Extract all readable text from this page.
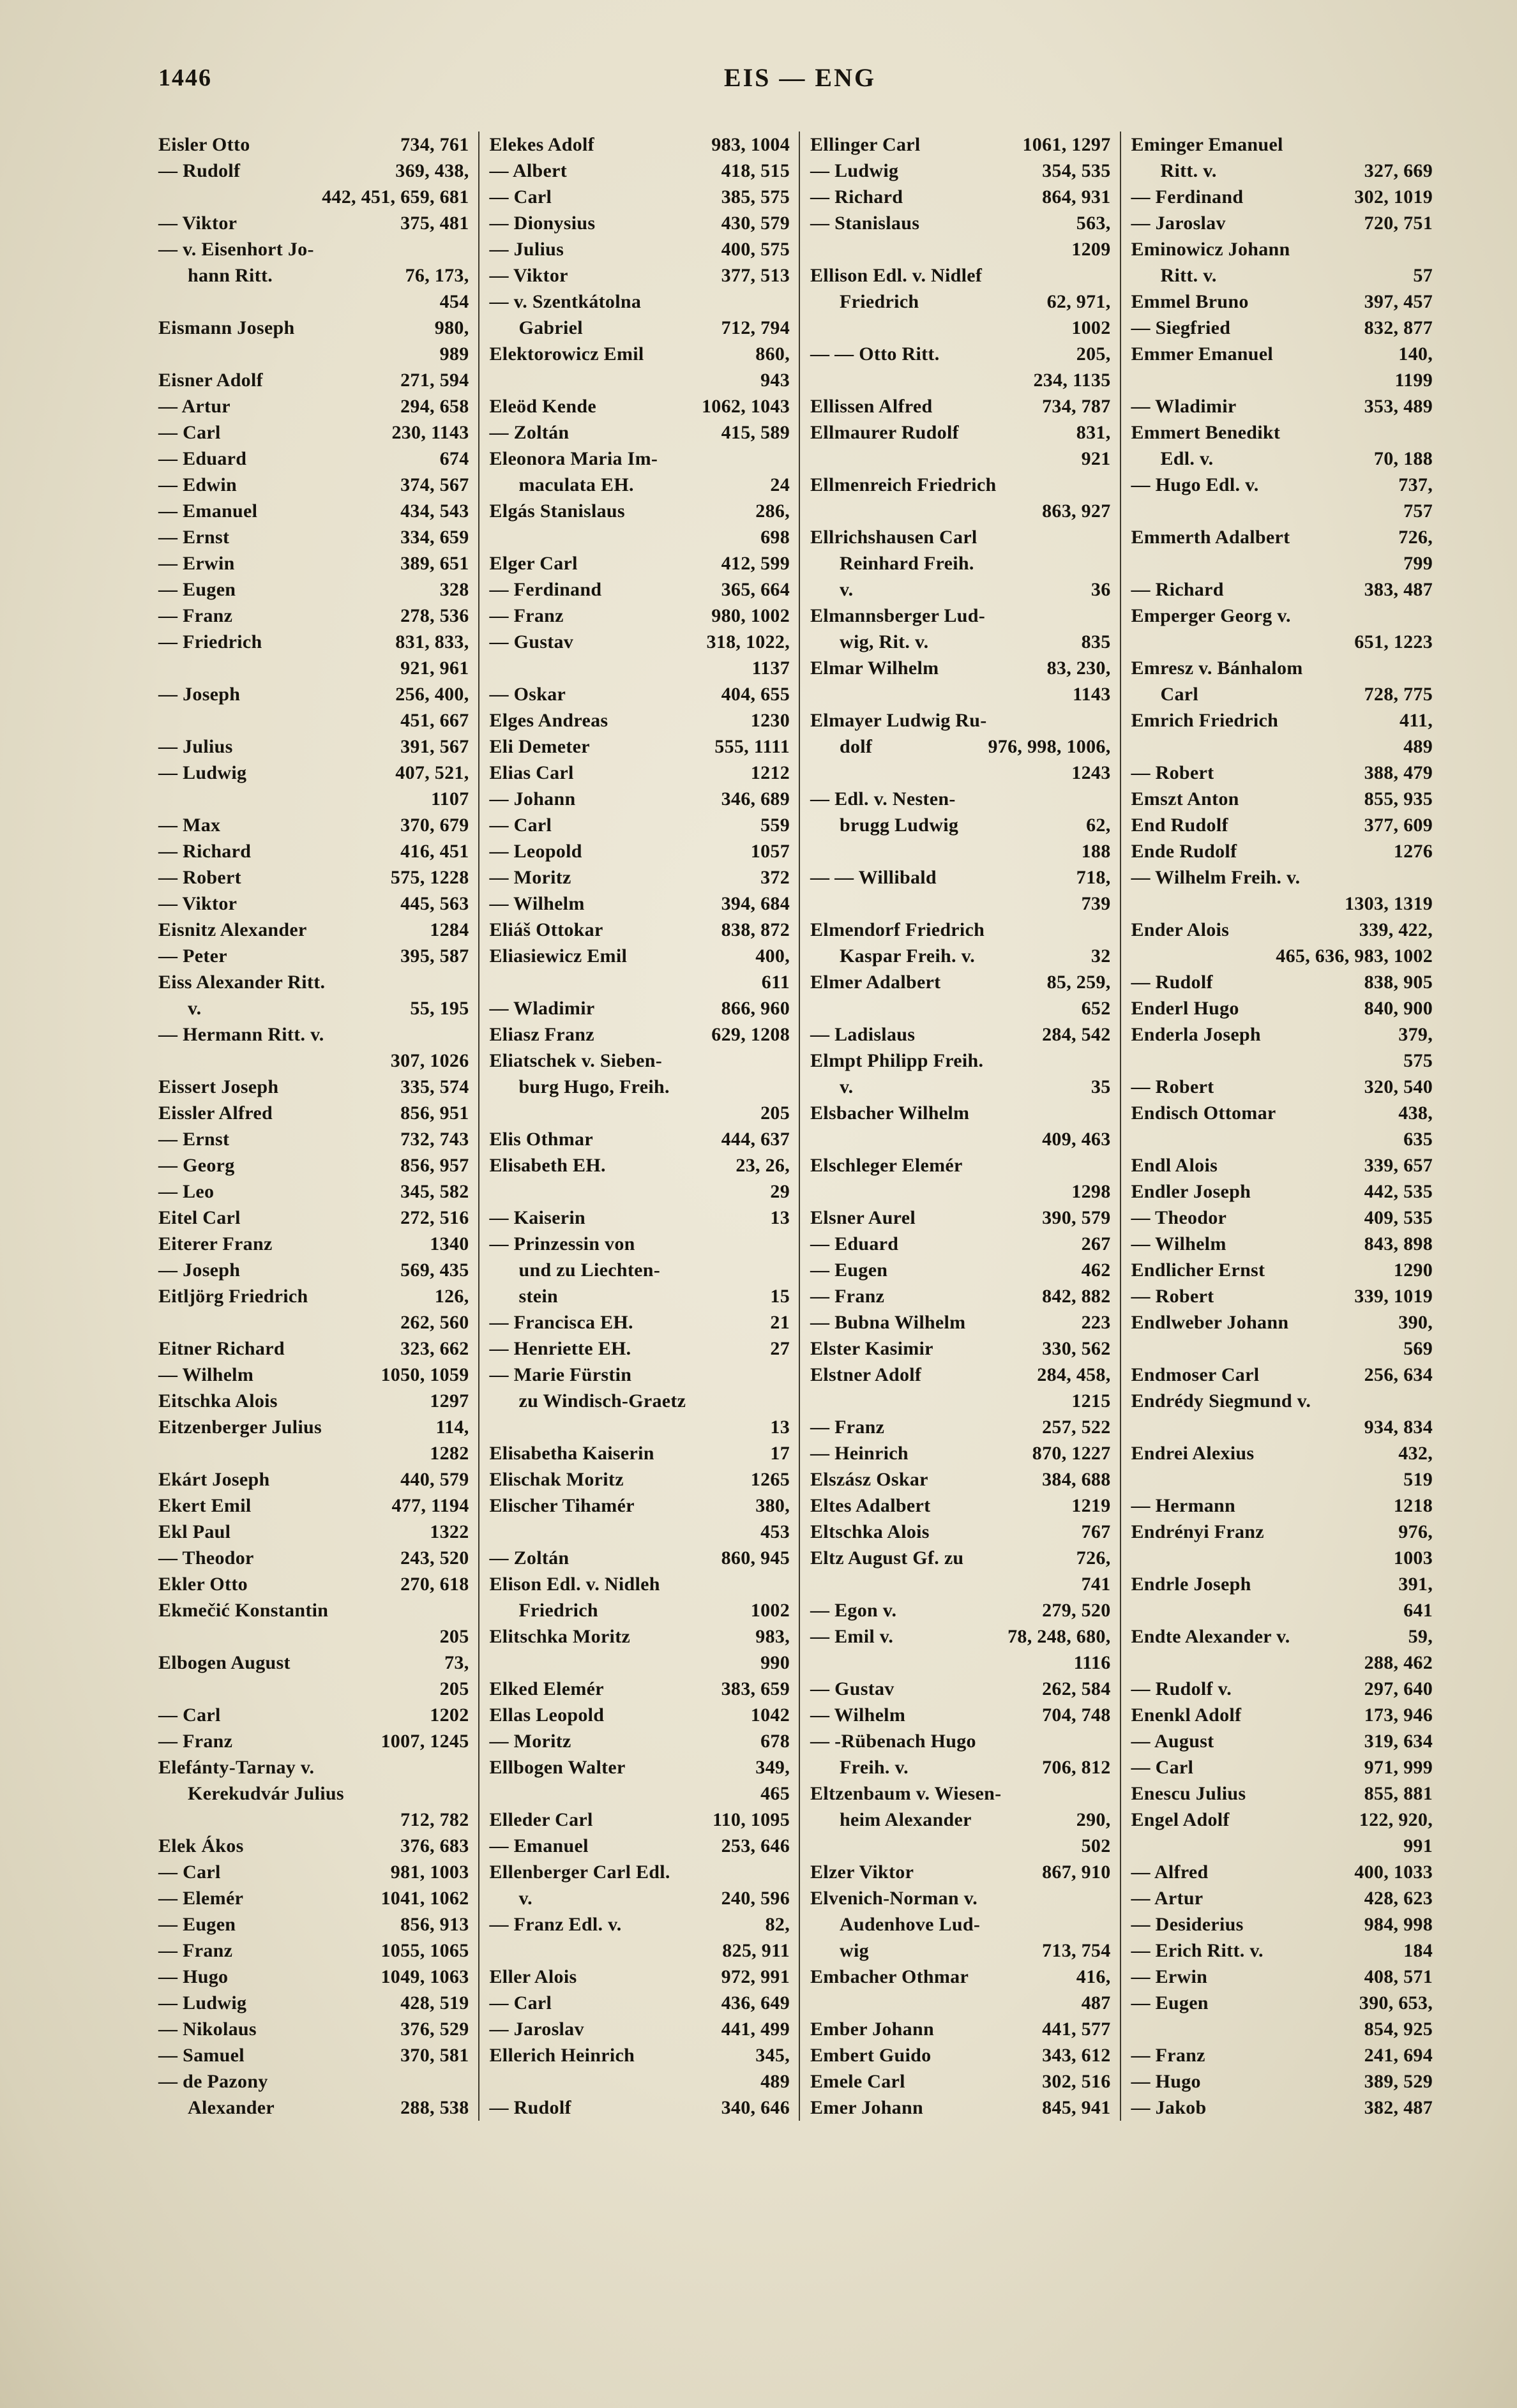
1446	EIS — ENG
Eisler Otto	734, 761
— Rudolf	369, 438,
442, 451, 659, 681
— Viktor	375, 481
— v. Eisenhort Jo-
hann Ritt.	76, 173,
454
Eismann Joseph	980,
989
Eisner Adolf	271, 594
— Artur	294, 658
— Carl	230, 1143
— Eduard	674
— Edwin	374, 567
— Emanuel	434, 543
— Ernst	334, 659
— Erwin	389, 651
— Eugen	328
— Franz	278, 536
— Friedrich	831, 833,
921, 961
— Joseph	256, 400,
451, 667
— Julius	391, 567
— Ludwig	407, 521,
1107
— Max	370, 679
— Richard	416, 451
— Robert	575, 1228
— Viktor	445, 563
Eisnitz Alexander	1284
— Peter	395, 587
Eiss Alexander Ritt.
v.	55, 195
— Hermann Ritt. v.
307, 1026
Eissert Joseph	335, 574
Eissler Alfred	856, 951
— Ernst	732, 743
— Georg	856, 957
— Leo	345, 582
Eitel Carl	272, 516
Eiterer Franz	1340
— Joseph	569, 435
Eitljörg Friedrich	126,
262, 560
Eitner Richard	323, 662
— Wilhelm	1050, 1059
Eitschka Alois	1297
Eitzenberger Julius	114,
1282
Ekárt Joseph	440, 579
Ekert Emil	477, 1194
Ekl Paul	1322
— Theodor	243, 520
Ekler Otto	270, 618
Ekmečić Konstantin
205
Elbogen August	73,
205
— Carl	1202
— Franz	1007, 1245
Elefánty-Tarnay v.
Kerekudvár Julius
712, 782
Elek Ákos	376, 683
— Carl	981, 1003
— Elemér	1041, 1062
— Eugen	856, 913
— Franz	1055, 1065
— Hugo	1049, 1063
— Ludwig	428, 519
— Nikolaus	376, 529
— Samuel	370, 581
— de Pazony
Alexander	288, 538
Elekes Adolf	983, 1004
— Albert	418, 515
— Carl	385, 575
— Dionysius	430, 579
— Julius	400, 575
— Viktor	377, 513
— v. Szentkátolna
Gabriel	712, 794
Elektorowicz Emil	860,
943
Eleöd Kende	1062, 1043
— Zoltán	415, 589
Eleonora Maria Im-
maculata EH.	24
Elgás Stanislaus	286,
698
Elger Carl	412, 599
— Ferdinand	365, 664
— Franz	980, 1002
— Gustav	318, 1022,
1137
— Oskar	404, 655
Elges Andreas	1230
Eli Demeter	555, 1111
Elias Carl	1212
— Johann	346, 689
— Carl	559
— Leopold	1057
— Moritz	372
— Wilhelm	394, 684
Eliáš Ottokar	838, 872
Eliasiewicz Emil	400,
611
— Wladimir	866, 960
Eliasz Franz	629, 1208
Eliatschek v. Sieben-
burg Hugo, Freih.
205
Elis Othmar	444, 637
Elisabeth EH.	23, 26,
29
— Kaiserin	13
— Prinzessin von
und zu Liechten-
stein	15
— Francisca EH.	21
— Henriette EH.	27
— Marie Fürstin
zu Windisch-Graetz
13
Elisabetha Kaiserin	17
Elischak Moritz	1265
Elischer Tihamér	380,
453
— Zoltán	860, 945
Elison Edl. v. Nidleh
Friedrich	1002
Elitschka Moritz	983,
990
Elked Elemér	383, 659
Ellas Leopold	1042
— Moritz	678
Ellbogen Walter	349,
465
Elleder Carl	110, 1095
— Emanuel	253, 646
Ellenberger Carl Edl.
v.	240, 596
— Franz Edl. v.	82,
825, 911
Eller Alois	972, 991
— Carl	436, 649
— Jaroslav	441, 499
Ellerich Heinrich	345,
489
— Rudolf	340, 646
Ellinger Carl	1061, 1297
— Ludwig	354, 535
— Richard	864, 931
— Stanislaus	563,
1209
Ellison Edl. v. Nidlef
Friedrich	62, 971,
1002
— — Otto Ritt.	205,
234, 1135
Ellissen Alfred	734, 787
Ellmaurer Rudolf	831,
921
Ellmenreich Friedrich
863, 927
Ellrichshausen Carl
Reinhard Freih.
v.	36
Elmannsberger Lud-
wig, Rit. v.	835
Elmar Wilhelm	83, 230,
1143
Elmayer Ludwig Ru-
dolf	976, 998, 1006,
1243
— Edl. v. Nesten-
brugg Ludwig	62,
188
— — Willibald	718,
739
Elmendorf Friedrich
Kaspar Freih. v.	32
Elmer Adalbert	85, 259,
652
— Ladislaus	284, 542
Elmpt Philipp Freih.
v.	35
Elsbacher Wilhelm
409, 463
Elschleger Elemér
1298
Elsner Aurel	390, 579
— Eduard	267
— Eugen	462
— Franz	842, 882
— Bubna Wilhelm	223
Elster Kasimir	330, 562
Elstner Adolf	284, 458,
1215
— Franz	257, 522
— Heinrich	870, 1227
Elszász Oskar	384, 688
Eltes Adalbert	1219
Eltschka Alois	767
Eltz August Gf. zu	726,
741
— Egon v.	279, 520
— Emil v.	78, 248, 680,
1116
— Gustav	262, 584
— Wilhelm	704, 748
— -Rübenach Hugo
Freih. v.	706, 812
Eltzenbaum v. Wiesen-
heim Alexander	290,
502
Elzer Viktor	867, 910
Elvenich-Norman v.
Audenhove Lud-
wig	713, 754
Embacher Othmar	416,
487
Ember Johann	441, 577
Embert Guido	343, 612
Emele Carl	302, 516
Emer Johann	845, 941
Eminger Emanuel
Ritt. v.	327, 669
— Ferdinand	302, 1019
— Jaroslav	720, 751
Eminowicz Johann
Ritt. v.	57
Emmel Bruno	397, 457
— Siegfried	832, 877
Emmer Emanuel	140,
1199
— Wladimir	353, 489
Emmert Benedikt
Edl. v.	70, 188
— Hugo Edl. v.	737,
757
Emmerth Adalbert	726,
799
— Richard	383, 487
Emperger Georg v.
651, 1223
Emresz v. Bánhalom
Carl	728, 775
Emrich Friedrich	411,
489
— Robert	388, 479
Emszt Anton	855, 935
End Rudolf	377, 609
Ende Rudolf	1276
— Wilhelm Freih. v.
1303, 1319
Ender Alois	339, 422,
465, 636, 983, 1002
— Rudolf	838, 905
Enderl Hugo	840, 900
Enderla Joseph	379,
575
— Robert	320, 540
Endisch Ottomar	438,
635
Endl Alois	339, 657
Endler Joseph	442, 535
— Theodor	409, 535
— Wilhelm	843, 898
Endlicher Ernst	1290
— Robert	339, 1019
Endlweber Johann	390,
569
Endmoser Carl	256, 634
Endrédy Siegmund v.
934, 834
Endrei Alexius	432,
519
— Hermann	1218
Endrényi Franz	976,
1003
Endrle Joseph	391,
641
Endte Alexander v.	59,
288, 462
— Rudolf v.	297, 640
Enenkl Adolf	173, 946
— August	319, 634
— Carl	971, 999
Enescu Julius	855, 881
Engel Adolf	122, 920,
991
— Alfred	400, 1033
— Artur	428, 623
— Desiderius	984, 998
— Erich Ritt. v.	184
— Erwin	408, 571
— Eugen	390, 653,
854, 925
— Franz	241, 694
— Hugo	389, 529
— Jakob	382, 487
